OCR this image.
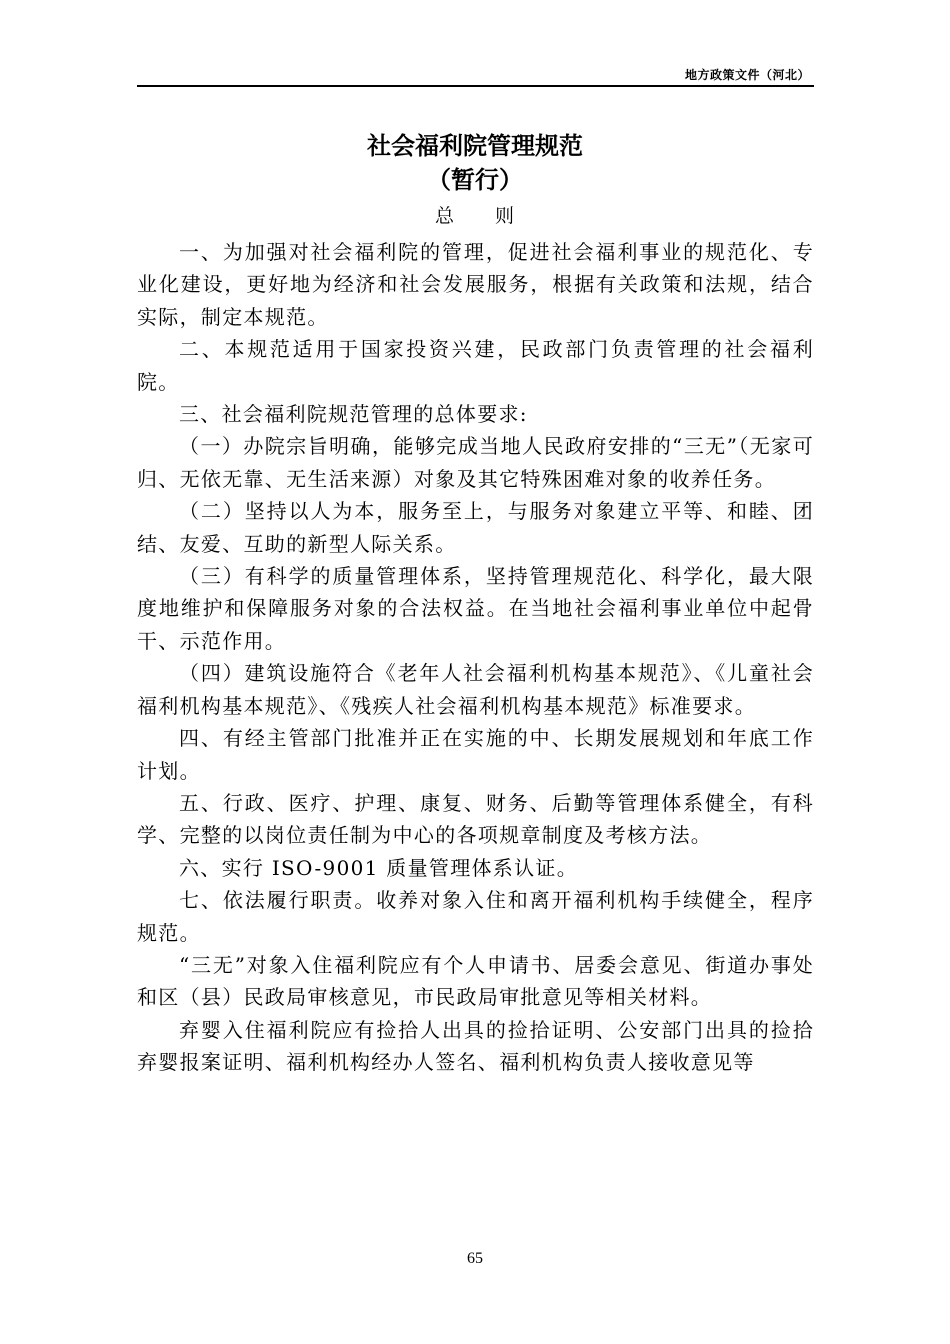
地方政策文件（河北）
社会福利院管理规范
（暂行）
总　　则

一、为加强对社会福利院的管理，促进社会福利事业的规范化、专业化建设，更好地为经济和社会发展服务，根据有关政策和法规，结合实际，制定本规范。

二、本规范适用于国家投资兴建，民政部门负责管理的社会福利院。

三、社会福利院规范管理的总体要求:

（一）办院宗旨明确，能够完成当地人民政府安排的“三无”（无家可归、无依无靠、无生活来源）对象及其它特殊困难对象的收养任务。

（二）坚持以人为本，服务至上，与服务对象建立平等、和睦、团结、友爱、互助的新型人际关系。

（三）有科学的质量管理体系，坚持管理规范化、科学化，最大限度地维护和保障服务对象的合法权益。在当地社会福利事业单位中起骨干、示范作用。

（四）建筑设施符合《老年人社会福利机构基本规范》、《儿童社会福利机构基本规范》、《残疾人社会福利机构基本规范》标准要求。

四、有经主管部门批准并正在实施的中、长期发展规划和年底工作计划。

五、行政、医疗、护理、康复、财务、后勤等管理体系健全，有科学、完整的以岗位责任制为中心的各项规章制度及考核方法。

六、实行 ISO-9001 质量管理体系认证。

七、依法履行职责。收养对象入住和离开福利机构手续健全，程序规范。

“三无”对象入住福利院应有个人申请书、居委会意见、街道办事处和区（县）民政局审核意见，市民政局审批意见等相关材料。

弃婴入住福利院应有捡拾人出具的捡拾证明、公安部门出具的捡拾弃婴报案证明、福利机构经办人签名、福利机构负责人接收意见等

65
